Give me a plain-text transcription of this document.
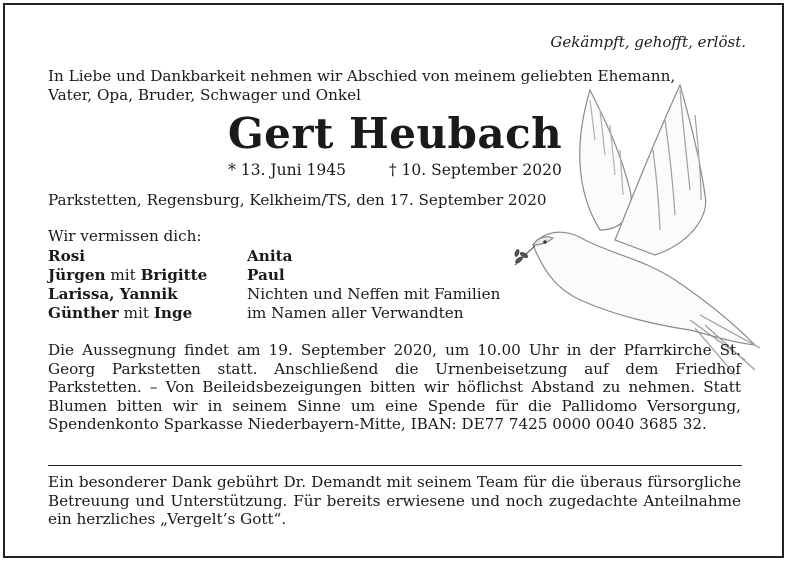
Gekämpft, gehofft, erlöst.
In Liebe und Dankbarkeit nehmen wir Abschied von meinem geliebten Ehemann,
Vater, Opa, Bruder, Schwager und Onkel
Gert Heubach
* 13. Juni 1945	† 10. September 2020
Parkstetten, Regensburg, Kelkheim/TS, den 17. September 2020
Wir vermissen dich:
Rosi	Anita
Jürgen mit Brigitte	Paul
Larissa, Yannik	Nichten und Neffen mit Familien
Günther mit Inge	im Namen aller Verwandten
Die Aussegnung findet am 19. September 2020, um 10.00 Uhr in der Pfarrkirche St. Georg Parkstetten statt. Anschließend die Urnenbeisetzung auf dem Friedhof Parkstetten. – Von Beileidsbezeigungen bitten wir höflichst Abstand zu nehmen. Statt Blumen bitten wir in seinem Sinne um eine Spende für die Pallidomo Versorgung, Spendenkonto Sparkasse Niederbayern-Mitte, IBAN: DE77 7425 0000 0040 3685 32.
Ein besonderer Dank gebührt Dr. Demandt mit seinem Team für die überaus fürsorgliche Betreuung und Unterstützung. Für bereits erwiesene und noch zugedachte Anteilnahme ein herzliches „Vergelt’s Gott“.
